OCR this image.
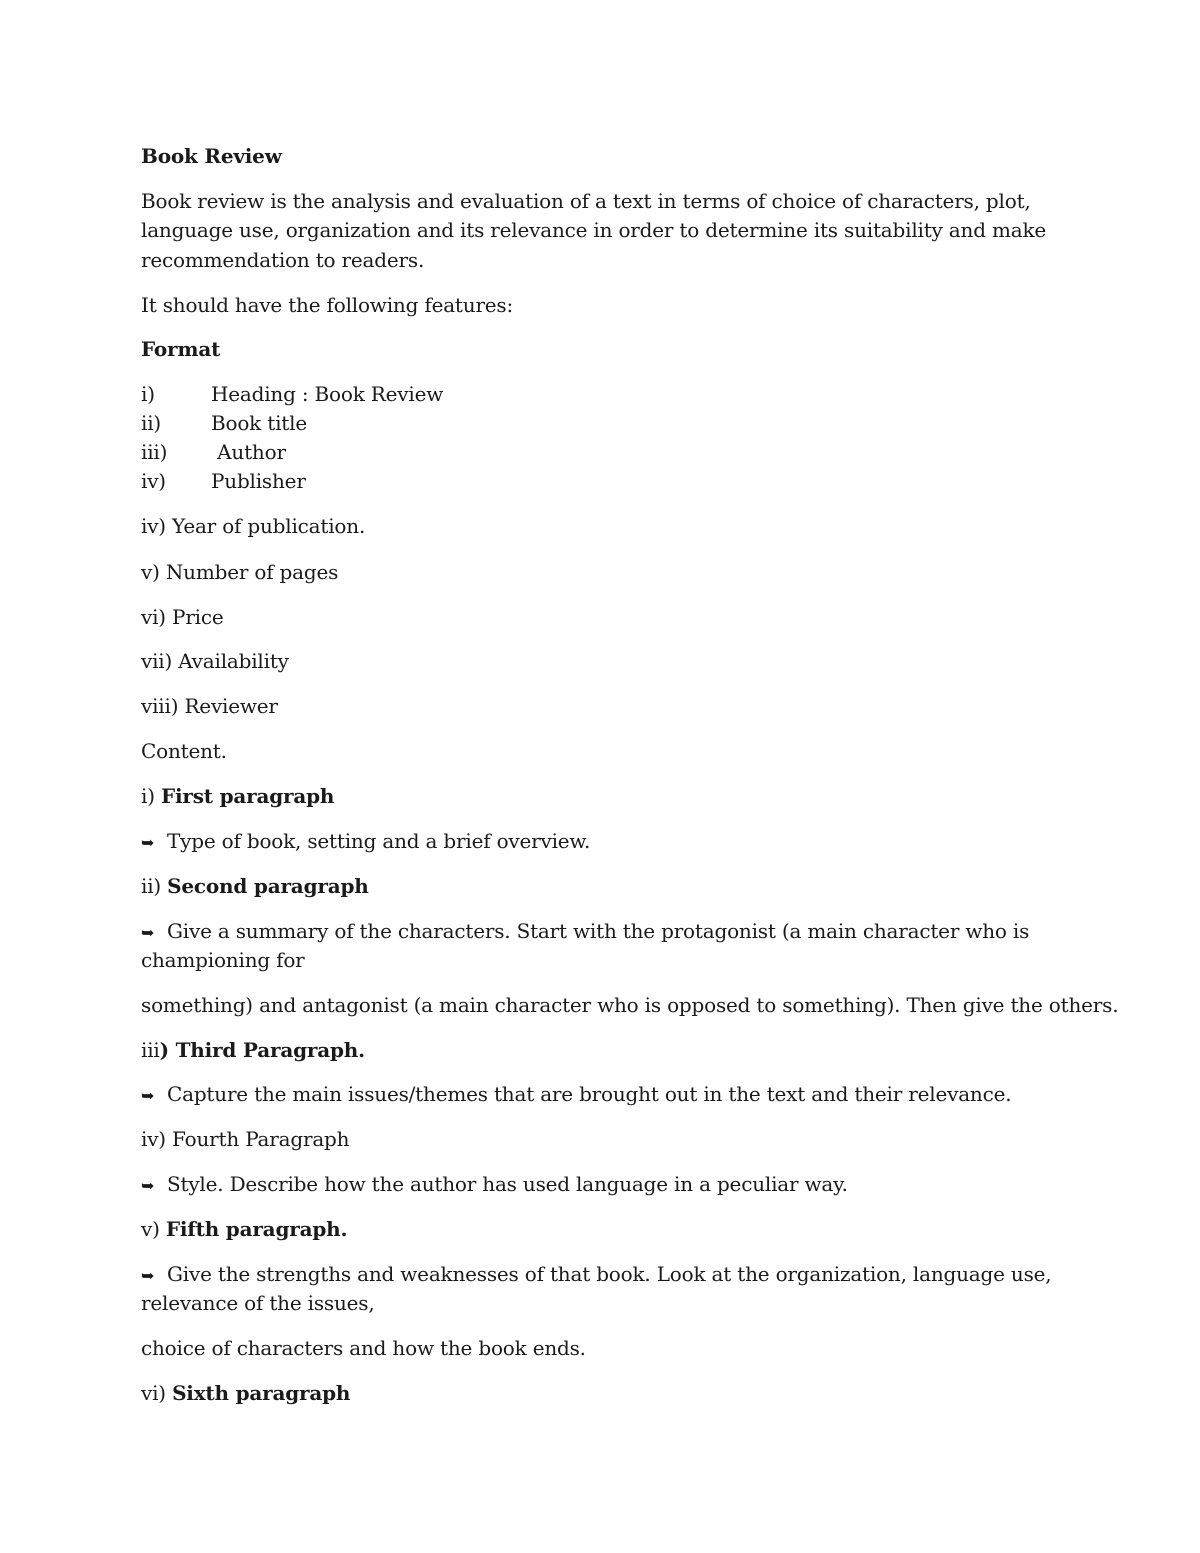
Book Review
Book review is the analysis and evaluation of a text in terms of choice of characters, plot,
language use, organization and its relevance in order to determine its suitability and make
recommendation to readers.
It should have the following features:
Format
i)	Heading : Book Review
ii)	Book title
iii) Author
iv) Publisher
iv) Year of publication.
v) Number of pages
vi) Price
vii) Availability
viii) Reviewer
Content.
i) First paragraph
➥ Type of book, setting and a brief overview.
ii) Second paragraph
➥ Give a summary of the characters. Start with the protagonist (a main character who is
championing for
something) and antagonist (a main character who is opposed to something). Then give the others.
iii) Third Paragraph.
➥ Capture the main issues/themes that are brought out in the text and their relevance.
iv) Fourth Paragraph
➥ Style. Describe how the author has used language in a peculiar way.
v) Fifth paragraph.
➥ Give the strengths and weaknesses of that book. Look at the organization, language use,
relevance of the issues,
choice of characters and how the book ends.
vi) Sixth paragraph
